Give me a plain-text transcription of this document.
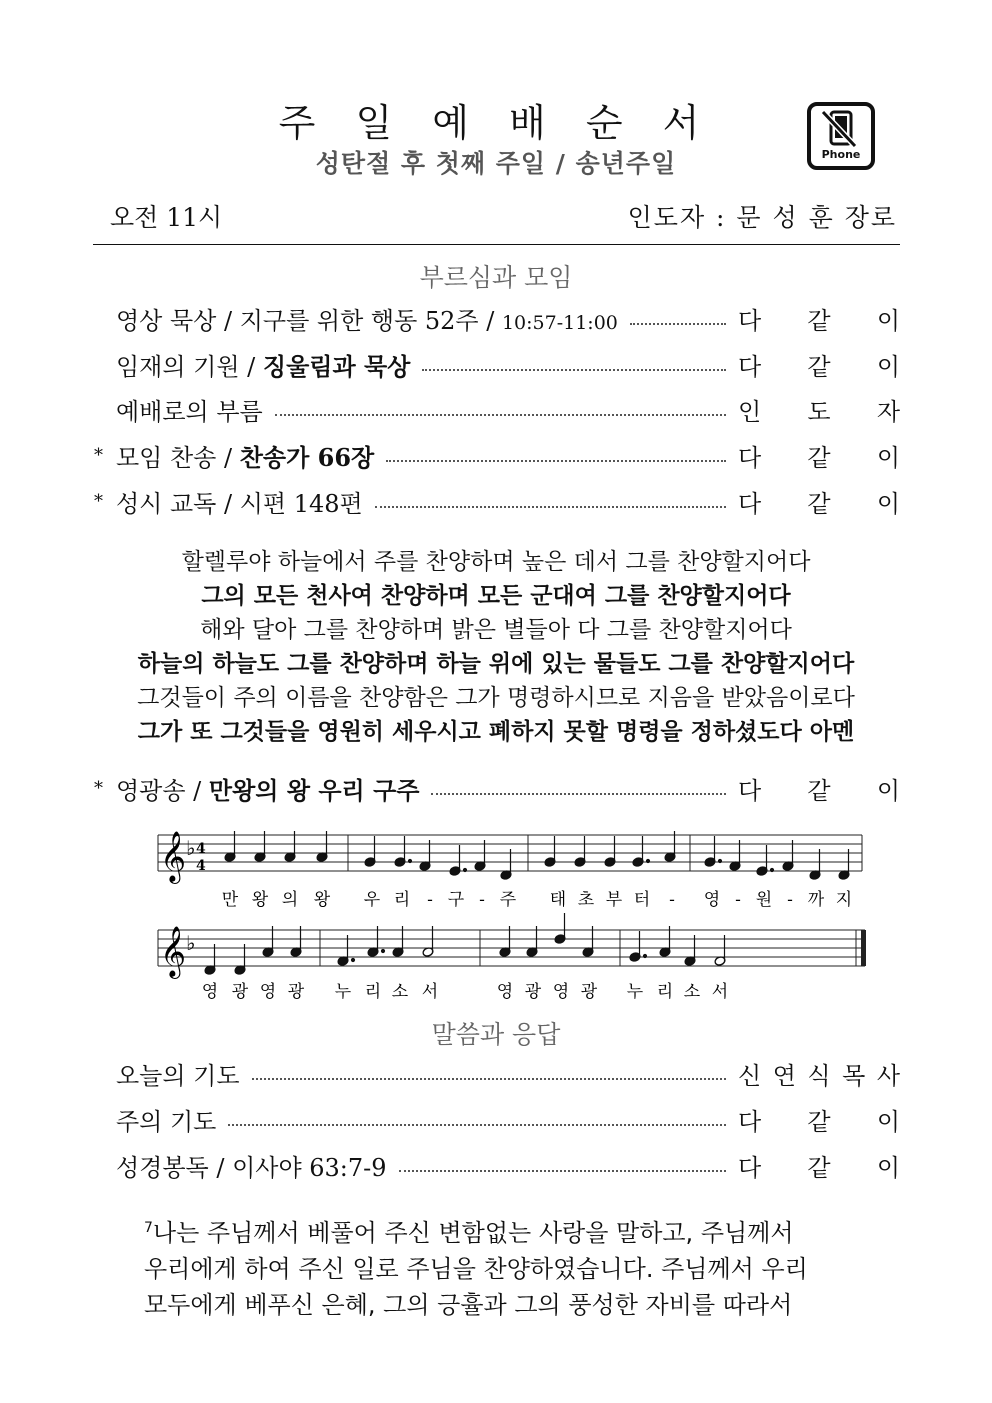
주 일 예 배 순 서
성탄절 후 첫째 주일 / 송년주일	Phone
오전 11시	인도자 : 문 성 훈 장로
부르심과 모임
영상 묵상 / 지구를 위한 행동 52주 / 10:57-11:00	다 같 이
임재의 기원 / 징울림과 묵상	다 같 이
예배로의 부름	인 도 자
* 모임 찬송 / 찬송가 66장	다 같 이
* 성시 교독 / 시편 148편	다 같 이
할렐루야 하늘에서 주를 찬양하며 높은 데서 그를 찬양할지어다
그의 모든 천사여 찬양하며 모든 군대여 그를 찬양할지어다
해와 달아 그를 찬양하며 밝은 별들아 다 그를 찬양할지어다
하늘의 하늘도 그를 찬양하며 하늘 위에 있는 물들도 그를 찬양할지어다
그것들이 주의 이름을 찬양함은 그가 명령하시므로 지음을 받았음이로다
그가 또 그것들을 영원히 세우시고 폐하지 못할 명령을 정하셨도다 아멘
* 영광송 / 만왕의 왕 우리 구주	다 같 이
𝄞
𝄞
♭
♭
4
4
만 왕 의 왕 우 리 - 구 - 주 태 초 부 터 - 영 - 원 - 까 지
영 광 영 광 누 리 소 서	영 광 영 광 누 리 소 서
말씀과 응답
오늘의 기도	신 연 식 목 사
주의 기도	다 같 이
성경봉독 / 이사야 63:7-9	다 같 이
$^7$나는 주님께서 베풀어 주신 변함없는 사랑을 말하고, 주님께서
우리에게 하여 주신 일로 주님을 찬양하였습니다. 주님께서 우리
모두에게 베푸신 은혜, 그의 긍휼과 그의 풍성한 자비를 따라서
